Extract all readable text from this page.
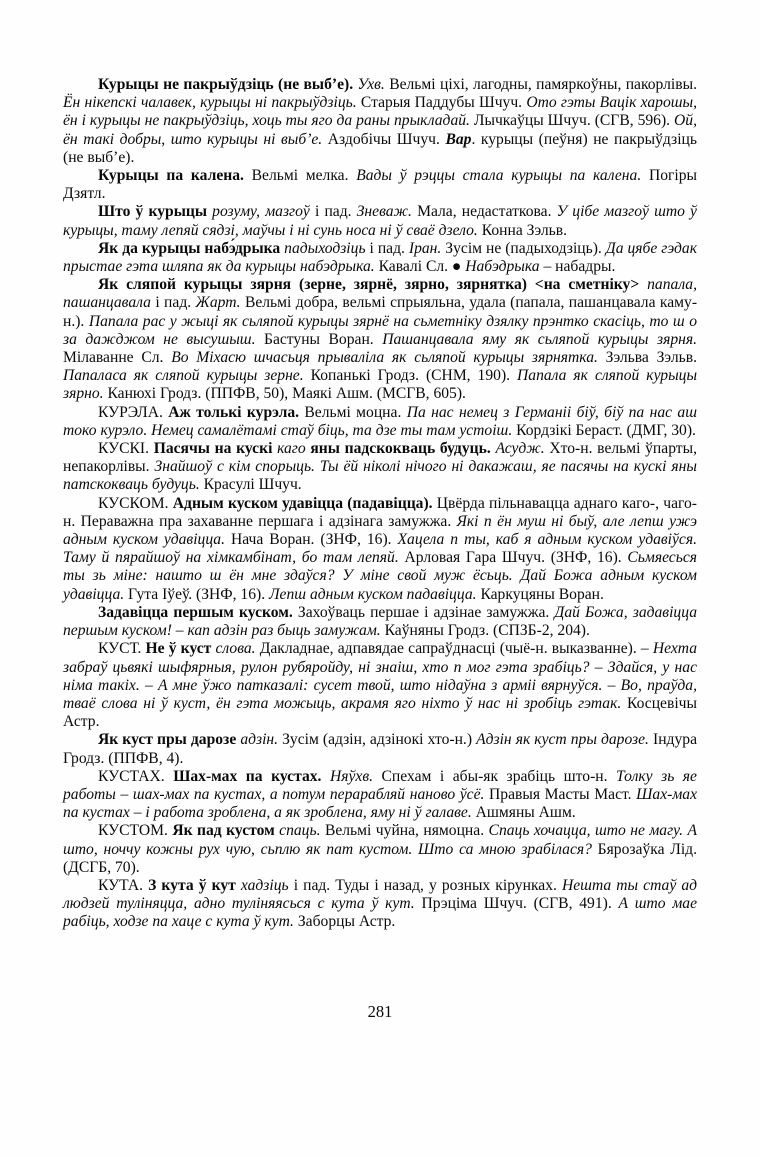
Курыцы не пакрыўдзіць (не выб’е). Ухв. Вельмі ціхі, лагодны, памяркоўны, пакорлівы. Ён нікепскі чалавек, курыцы ні пакрыўдзіць. Старыя Паддубы Шчуч. Ото гэты Вацік харошы, ён і курыцы не пакрыўдзіць, хоць ты яго да раны прыкладай. Лычкаўцы Шчуч. (СГВ, 596). Ой, ён такі добры, што курыцы ні выб’е. Аздобічы Шчуч. Вар. курыцы (пеўня) не пакрыўдзіць (не выб’е).

Курыцы па калена. Вельмі мелка. Вады ў рэццы стала курыцы па калена. Погіры Дзятл.

Што ў курыцы розуму, мазгоў і пад. Зневаж. Мала, недастаткова. У цібе мазгоў што ў курыцы, таму лепяй сядзі, маўчы і ні сунь носа ні ў сваё дзело. Конна Зэльв.

Як да курыцы набэ́дрыка падыходзіць і пад. Іран. Зусім не (падыходзіць). Да цябе гэдак прыстае гэта шляпа як да курыцы набэдрыка. Кавалі Сл. ● Набэдрыка – набадры.

Як сляпой курыцы зярня (зерне, зярнё, зярно, зярнятка) <на сметніку> папала, пашанцавала і пад. Жарт. Вельмі добра, вельмі спрыяльна, удала (папала, пашанцавала каму-н.). Папала рас у жыці як сьляпой курыцы зярнё на сьметніку дзялку прэнтко скасіць, то ш о за дажджом не высушыш. Бастуны Воран. Пашанцавала яму як сьляпой курыцы зярня. Мілаванне Сл. Во Міхасю шчасьця прываліла як сьляпой курыцы зярнятка. Зэльва Зэльв. Папаласа як сляпой курыцы зерне. Копанькі Гродз. (СНМ, 190). Папала як сляпой курыцы зярно. Канюхі Гродз. (ППФВ, 50), Маякі Ашм. (МСГВ, 605).

КУРЭЛА. Аж толькі курэла. Вельмі моцна. Па нас немец з Германіі біў, біў па нас аш токо курэло. Немец самалётамі стаў біць, та дзе ты там устоіш. Кордзікі Бераст. (ДМГ, 30).

КУСКІ. Пасячы на кускі каго яны падскокваць будуць. Асудж. Хто-н. вельмі ўпарты, непакорлівы. Знайшоў с кім спорыць. Ты ёй ніколі нічого ні дакажаш, яе пасячы на кускі яны патскокваць будуць. Красулі Шчуч.

КУСКОМ. Адным куском удавіцца (падавіцца). Цвёрда пільнавацца аднаго каго-, чаго-н. Пераважна пра захаванне першага і адзінага замужжа. Які п ён муш ні быў, але лепш ужэ адным куском удавіцца. Нача Воран. (ЗНФ, 16). Хацела п ты, каб я адным куском удавіўся. Таму й пярайшоў на хімкамбінат, бо там лепяй. Арловая Гара Шчуч. (ЗНФ, 16). Сьмяесься ты зь міне: нашто ш ён мне здаўся? У міне свой муж ёсьць. Дай Божа адным куском удавіцца. Гута Іўеў. (ЗНФ, 16). Лепш адным куском падавіцца. Каркуцяны Воран.

Задавіцца першым куском. Захоўваць першае і адзінае замужжа. Дай Божа, задавіцца першым куском! – кап адзін раз быць замужам. Каўняны Гродз. (СПЗБ-2, 204).

КУСТ. Не ў куст слова. Дакладнае, адпавядае сапраўднасці (чыё-н. выказванне). – Нехта забраў цьвякі шыфярныя, рулон рубяройду, ні знаіш, хто п мог гэта зрабіць? – Здайся, у нас німа такіх. – А мне ўжо патказалі: сусет твой, што нідаўна з арміі вярнуўся. – Во, праўда, тваё слова ні ў куст, ён гэта можыць, акрамя яго ніхто ў нас ні зробіць гэтак. Косцевічы Астр.

Як куст пры дарозе адзін. Зусім (адзін, адзінокі хто-н.) Адзін як куст пры дарозе. Індура Гродз. (ППФВ, 4).

КУСТАХ. Шах-мах па кустах. Няўхв. Спехам і абы-як зрабіць што-н. Толку зь яе работы – шах-мах па кустах, а потум перарабляй наново ўсё. Правыя Масты Маст. Шах-мах па кустах – і работа зроблена, а як зроблена, яму ні ў галаве. Ашмяны Ашм.

КУСТОМ. Як пад кустом спаць. Вельмі чуйна, нямоцна. Спаць хочацца, што не магу. А што, ноччу кожны рух чую, сьплю як пат кустом. Што са мною зрабілася? Бярозаўка Лід. (ДСГБ, 70).

КУТА. З кута ў кут хадзіць і пад. Туды і назад, у розных кірунках. Нешта ты стаў ад людзей туліняцца, адно туліняясься с кута ў кут. Прэціма Шчуч. (СГВ, 491). А што мае рабіць, ходзе па хаце с кута ў кут. Заборцы Астр.

281
